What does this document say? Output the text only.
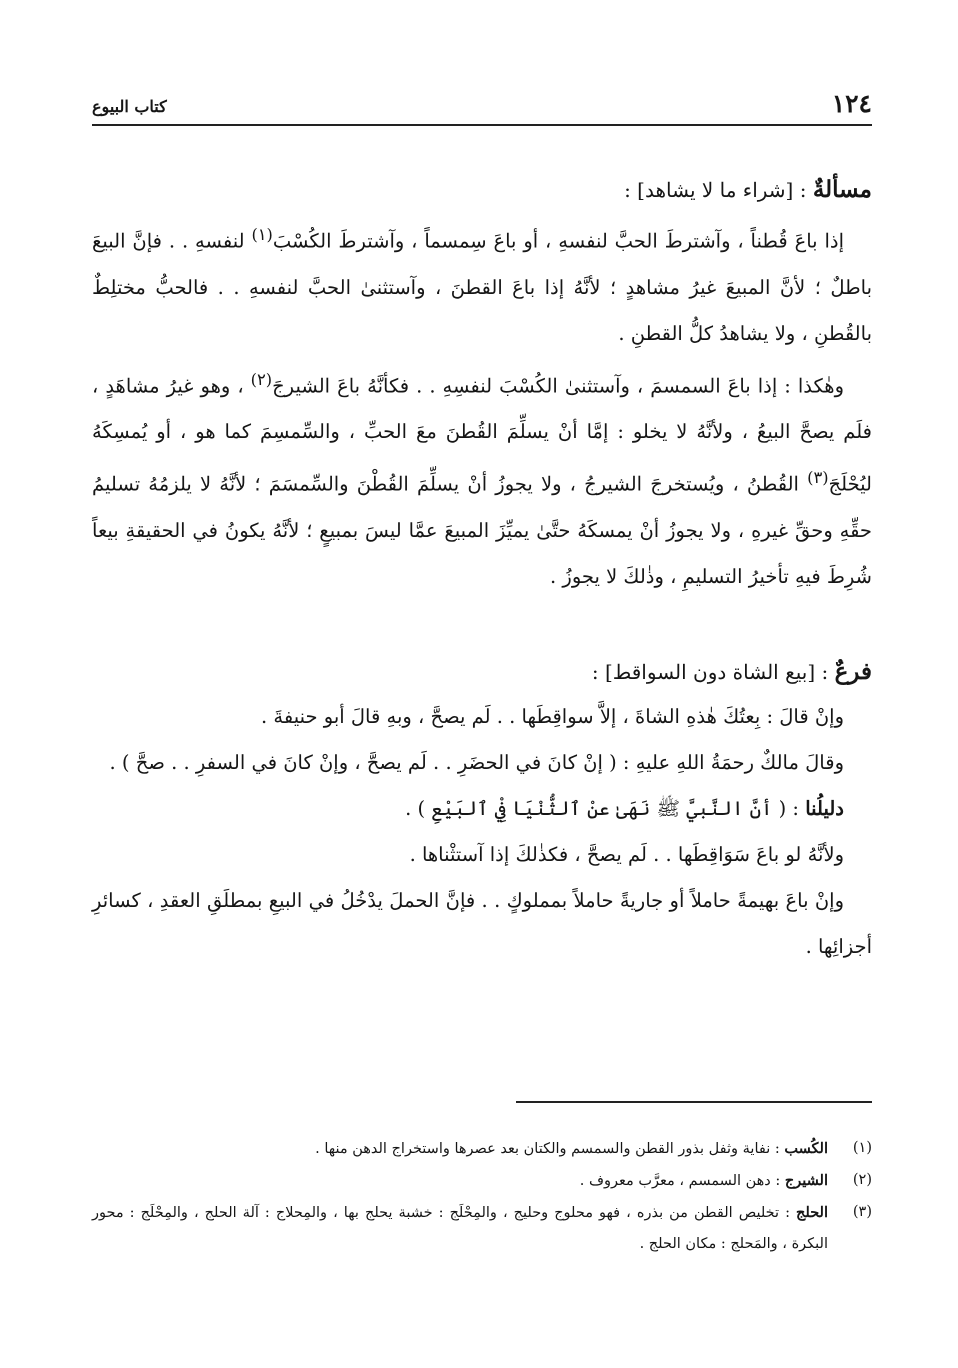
١٢٤
كتاب البيوع

مسألةٌ : [شراء ما لا يشاهد] :

إذا باعَ قُطناً ، وآشترطَ الحبَّ لنفسهِ ، أو باعَ سِمسماً ، وآشترطَ الكُسْبَ$^{(١)}$ لنفسهِ . . فإنَّ البيعَ باطلٌ ؛ لأنَّ المبيعَ غيرُ مشاهدٍ ؛ لأنَّهُ إذا باعَ القطنَ ، وآستثنىٰ الحبَّ لنفسهِ . . فالحبُّ مختلِطٌ بالقُطنِ ، ولا يشاهدُ كلُّ القطنِ .

وهٰكذا : إذا باعَ السمسمَ ، وآستثنىٰ الكُسْبَ لنفسِهِ . . فكأنَّهُ باعَ الشيرجَ$^{(٢)}$ ، وهو غيرُ مشاهَدٍ ، فلَم يصحَّ البيعُ ، ولأنَّهُ لا يخلو : إمَّا أنْ يسلِّمَ القُطنَ معَ الحبِّ ، والسِّمسِمَ كما هو ، أو يُمسِكَهُ ليُحْلَجَ$^{(٣)}$ القُطنُ ، ويُستخرجَ الشيرجُ ، ولا يجوزُ أنْ يسلِّمَ القُطْنَ والسِّمسَمَ ؛ لأنَّهُ لا يلزمُهُ تسليمُ حقِّهِ وحقِّ غيرهِ ، ولا يجوزُ أنْ يمسكَهُ حتَّىٰ يميِّزَ المبيعَ عمَّا ليسَ بمبيعٍ ؛ لأنَّهُ يكونُ في الحقيقةِ بيعاً شُرِطَ فيهِ تأخيرُ التسليمِ ، وذٰلكَ لا يجوزُ .

فرعٌ : [بيع الشاة دون السواقط] :

وإنْ قالَ : بِعتُكَ هٰذهِ الشاةَ ، إلاَّ سواقِطَها . . لَم يصحَّ ، وبهِ قالَ أبو حنيفةَ .

وقالَ مالكٌ رحمَةُ اللهِ عليهِ : ( إنْ كانَ في الحضَرِ . . لَم يصحَّ ، وإنْ كانَ في السفرِ . . صحَّ ) .

دليلُنا : ( أنَّ النَّبيَّ ﷺ نَهَىٰ عنْ ٱلثُّنْيَا فِيْ ٱلبَيْعِ ) .

ولأنَّهُ لو باعَ سَوَاقِطَها . . لَم يصحَّ ، فكذٰلكَ إذا آستثْناها .

وإنْ باعَ بهيمةً حاملاً أو جاريةً حاملاً بمملوكٍ . . فإنَّ الحملَ يدْخُلُ في البيعِ بمطلَقِ العقدِ ، كسائرِ أجزائِها .

(١)
الكُسب : نفاية وثفل بذور القطن والسمسم والكتان بعد عصرها واستخراج الدهن منها .

(٢)
الشيرج : دهن السمسم ، معرَّب معروف .

(٣)
الحلج : تخليص القطن من بذره ، فهو محلوج وحليج ، والمِحْلَج : خشبة يحلج بها ، والمِحلاج : آلة الحلج ، والمِحْلَج : محور البكرة ، والمَحلج : مكان الحلج .
